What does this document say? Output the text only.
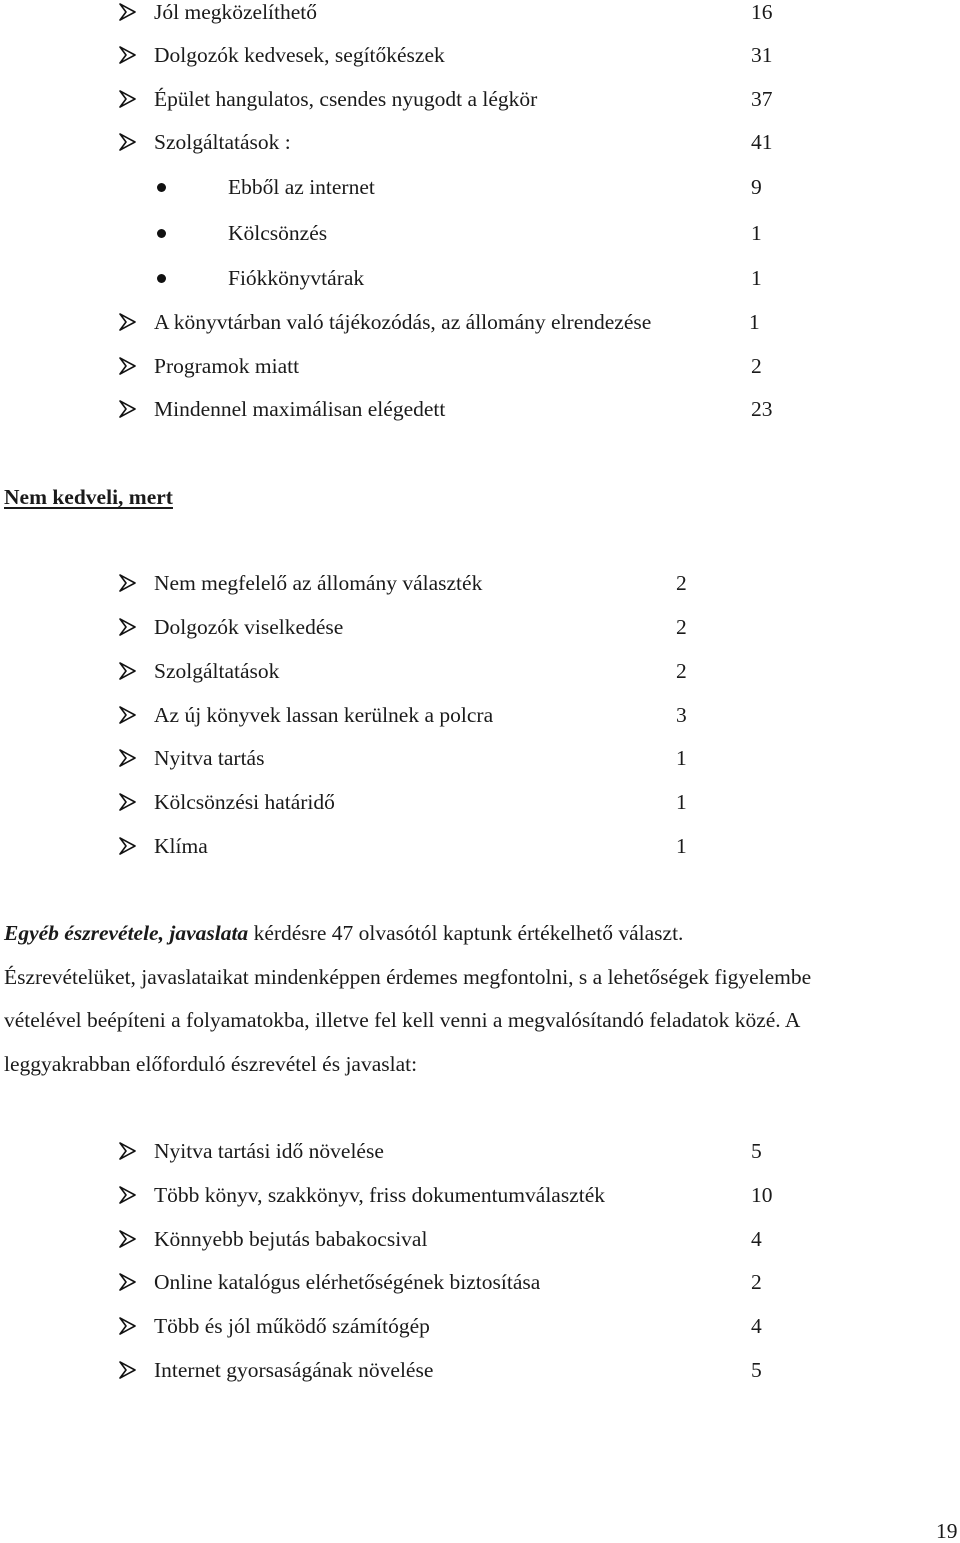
Jól megközelíthető	16
Dolgozók kedvesek, segítőkészek	31
Épület hangulatos, csendes nyugodt a légkör	37
Szolgáltatások :	41
Ebből az internet	9
Kölcsönzés	1
Fiókkönyvtárak	1
A könyvtárban való tájékozódás, az állomány elrendezése	1
Programok miatt	2
Mindennel maximálisan elégedett	23
Nem kedveli, mert
Nem megfelelő az állomány választék	2
Dolgozók viselkedése	2
Szolgáltatások	2
Az új könyvek lassan kerülnek a polcra	3
Nyitva tartás	1
Kölcsönzési határidő	1
Klíma	1
Egyéb észrevétele, javaslata kérdésre 47 olvasótól kaptunk értékelhető választ.
Észrevételüket, javaslataikat mindenképpen érdemes megfontolni, s a lehetőségek figyelembe
vételével beépíteni a folyamatokba, illetve fel kell venni a megvalósítandó feladatok közé. A
leggyakrabban előforduló észrevétel és javaslat:
Nyitva tartási idő növelése	5
Több könyv, szakkönyv, friss dokumentumválaszték	10
Könnyebb bejutás babakocsival	4
Online katalógus elérhetőségének biztosítása	2
Több és jól működő számítógép	4
Internet gyorsaságának növelése	5
19
